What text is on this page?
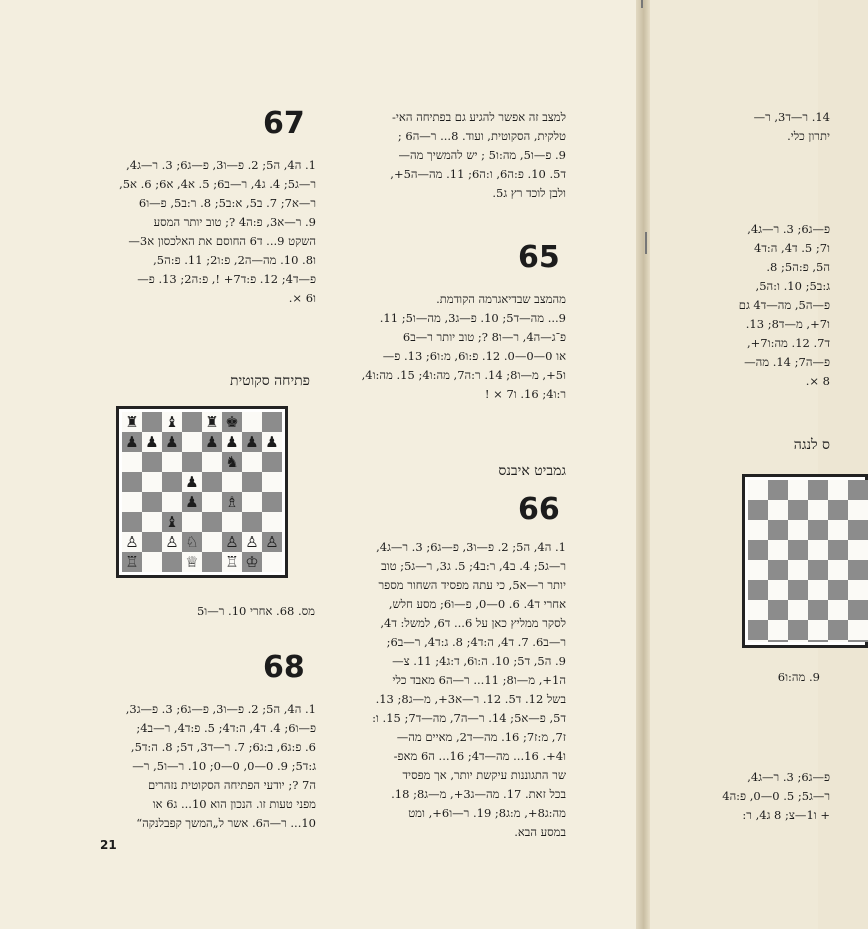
67
1. ה4, ה5; 2. פ—ו3, פ—ג6; 3. ר—ג4,
ר—ג5; 4. ג4, ר—ב6; 5. א4, א6; 6. א5,
ר—א7; 7. ב5, א:ב5; 8. ר:ב5, פ—ו6
9. ר—א3, פ:ה4 ?; טוב יותר המסע
השקט 9... ד6 החוסם את האלכסון א3—
ו8. 10. מה—ה2, פ:ו2; 11. פ:ה5,
פ—ד4; 12. פ:ד7+ !, פ:ה2; 13. פ—
ו6 ×.
פתיחה סקוטית
♜ ♝ ♜ ♚
♟ ♟ ♟ ♟ ♟ ♟ ♟
♞
♟
♟ ♗
♝
♙ ♙ ♘ ♙ ♙ ♙
♖	♕ ♖ ♔
מס. 68. אחרי 10. ר—ו5
68
1. ה4, ה5; 2. פ—ו3, פ—ג6; 3. פ—ג3,
פ—ו6; 4. ד4, ה:ד4; 5. פ:ד4, ר—ב4;
6. פ:ג6, ב:ג6; 7. ר—ד3, ד5; 8. ה:ד5,
ג:ד5; 9. 0—0, 0—0; 10. ר—ו5, ר—
ה7 ?; יודעי הפתיחה הסקוטית נזהרים
מפני טעות זו. הנכון הוא 10... ג6 או
10... ר—ה6. אשר ל„המשך קפבלנקה“
21
למצב זה אפשר להגיע גם בפתיחה האי-
טלקית, הסקוטית, ועוד. 8... ר—ה6 ;
9. פ—ו5, מה:ו5 ; יש להמשיך מה—
ד5. 10. פ:ה6, ו:ה6; 11. מה—ה5+,
ולבן לוכד רץ ג5.
65
מהמצב שבדיאגרמה הקודמת.
9... מה—ד5; 10. פ—ג3, מה—ו5; 11.
פ־ג—ה4, ר—ו8 ?; טוב יותר ר—ב6
או 0—0—0. 12. פ:ו6, מ:ו6; 13. פ—
ו5+, מ—ו8; 14. ר:ה7, מה:ו4; 15. מה:ו4,
ר:ו4; 16. ו7 × !
גמביט איבנס
66
1. ה4, ה5; 2. פ—ו3, פ—ג6; 3. ר—ג4,
ר—ג5; 4. ב4, ר:ב4; 5. ג3, ר—ג5; טוב
יותר ר—א5, כי עתה מפסיד השחור מספר
אחרי ד4. 6. 0—0, פ—ו6; מסע חלש,
לסקר ממליץ כאן על 6... ד6, למשל: ד4,
ר—ב6. 7. ד4, ה:ד4; 8. ג:ד4, ר—ב6;
9. ה5, ד5; 10. ה:ו6, ד:ג4; 11. צ—
ה1+, מ—ו8; 11... ר—ה6 מאבד כלי
בשל 12. ד5. 12. ר—א3+, מ—ג8; 13.
ד5, פ—א5; 14. ר—ה7, מה—ד7; 15. ו:
ז7, מ:ז7; 16. מה—ד2, מאיים מה—
ו4+. 16... מה—ד4; 16... ה6 מאפ-
שר התגוננות עיקשת יותר, אך מפסיד
בכל זאת. 17. מה—ג3+, מ—ג8; 18.
מה:ג8+, מ:ג8; 19. ר—ו6+, ומט
במסע הבא.
14. ר—ד3, ר—
יתרון כלי.
פ—ג6; 3. ר—ג4,
ו7; 5. ד4, ה:ד4
ה5, פ:ה5; 8.
ג:ב5; 10. ו:ה5,
פ—ה5, מה—ד4 גם
ו7+, מ—ד8; 13.
ד7. 12. מה:ו7+,
פ—ה7; 14. מה—
8 ×.
ס לנגה
9. מה:ו6
פ—ג6; 3. ר—ג4,
ר—ג5; 5. 0—0, פ:ה4
+ ו1—צ; 8 ג4, ר:
